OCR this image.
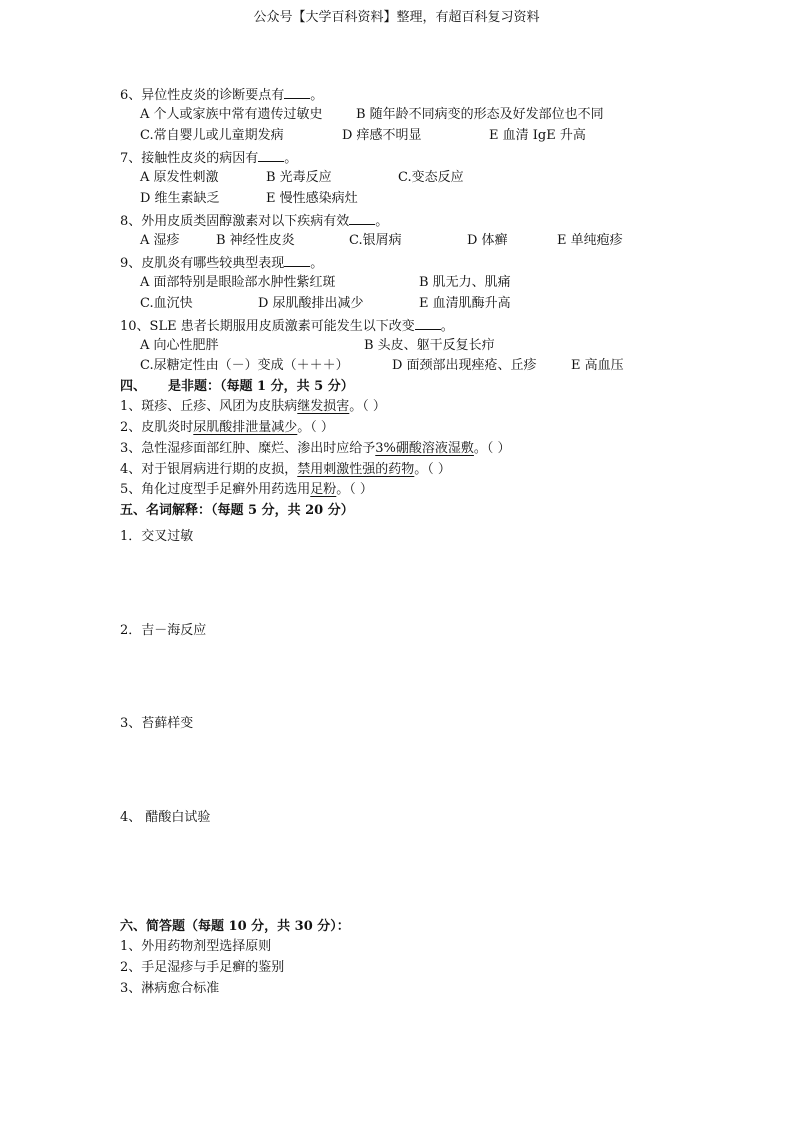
公众号【大学百科资料】整理，有超百科复习资料
6、异位性皮炎的诊断要点有 。
A 个人或家族中常有遗传过敏史	B 随年龄不同病变的形态及好发部位也不同
C.常自婴儿或儿童期发病	D 痒感不明显	E 血清 IgE 升高
7、接触性皮炎的病因有 。
A 原发性刺激	B 光毒反应	C.变态反应
D 维生素缺乏	E 慢性感染病灶
8、外用皮质类固醇激素对以下疾病有效 。
A 湿疹	B 神经性皮炎	C.银屑病	D 体癣	E 单纯疱疹
9、皮肌炎有哪些较典型表现 。
A 面部特别是眼睑部水肿性紫红斑	B 肌无力、肌痛
C.血沉快	D 尿肌酸排出减少	E 血清肌酶升高
10、SLE 患者长期服用皮质激素可能发生以下改变 。
A 向心性肥胖	B 头皮、躯干反复长疖
C.尿糖定性由（－）变成（＋＋＋）	D 面颈部出现痤疮、丘疹	E 高血压
四、 是非题：（每题 1 分，共 5 分）
1、斑疹、丘疹、风团为皮肤病继发损害。（ ）
2、皮肌炎时尿肌酸排泄量减少。（ ）
3、急性湿疹面部红肿、糜烂、渗出时应给予3%硼酸溶液湿敷。（ ）
4、对于银屑病进行期的皮损，禁用刺激性强的药物。（ ）
5、角化过度型手足癣外用药选用足粉。（ ）
五、名词解释：（每题 5 分，共 20 分）
1．交叉过敏
2．吉－海反应
3、苔藓样变
4、 醋酸白试验
六、简答题（每题 10 分，共 30 分）：
1、外用药物剂型选择原则
2、手足湿疹与手足癣的鉴别
3、淋病愈合标准
